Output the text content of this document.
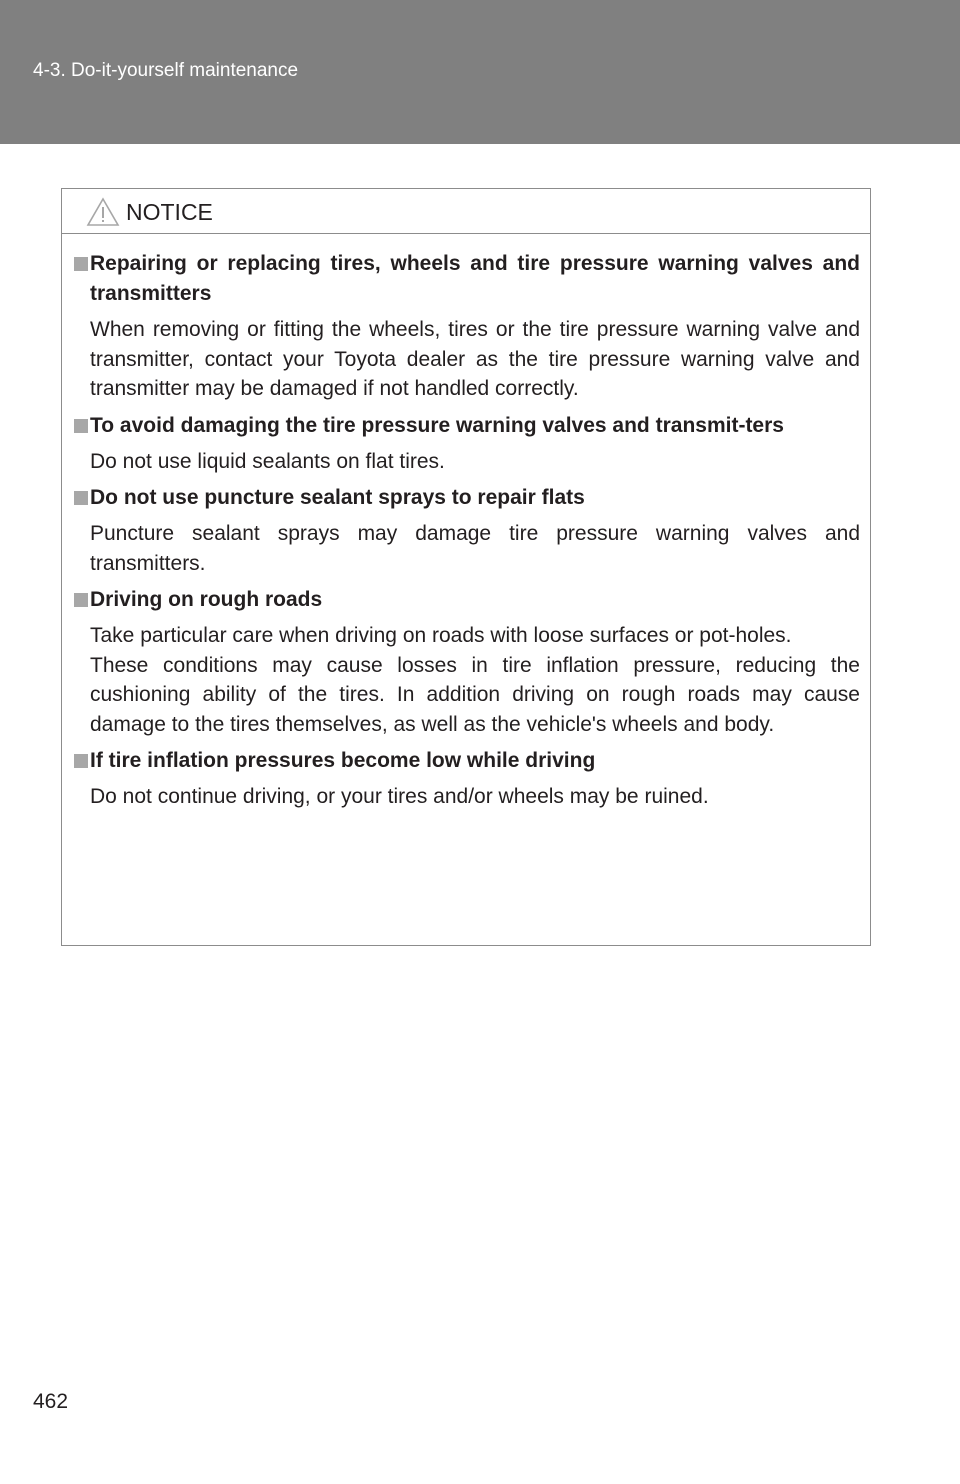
4-3. Do-it-yourself maintenance
NOTICE
Repairing or replacing tires, wheels and tire pressure warning valves and transmitters
When removing or fitting the wheels, tires or the tire pressure warning valve and transmitter, contact your Toyota dealer as the tire pressure warning valve and transmitter may be damaged if not handled correctly.
To avoid damaging the tire pressure warning valves and transmit-ters
Do not use liquid sealants on flat tires.
Do not use puncture sealant sprays to repair flats
Puncture sealant sprays may damage tire pressure warning valves and transmitters.
Driving on rough roads
Take particular care when driving on roads with loose surfaces or pot-holes.
These conditions may cause losses in tire inflation pressure, reducing the cushioning ability of the tires. In addition driving on rough roads may cause damage to the tires themselves, as well as the vehicle's wheels and body.
If tire inflation pressures become low while driving
Do not continue driving, or your tires and/or wheels may be ruined.
462
